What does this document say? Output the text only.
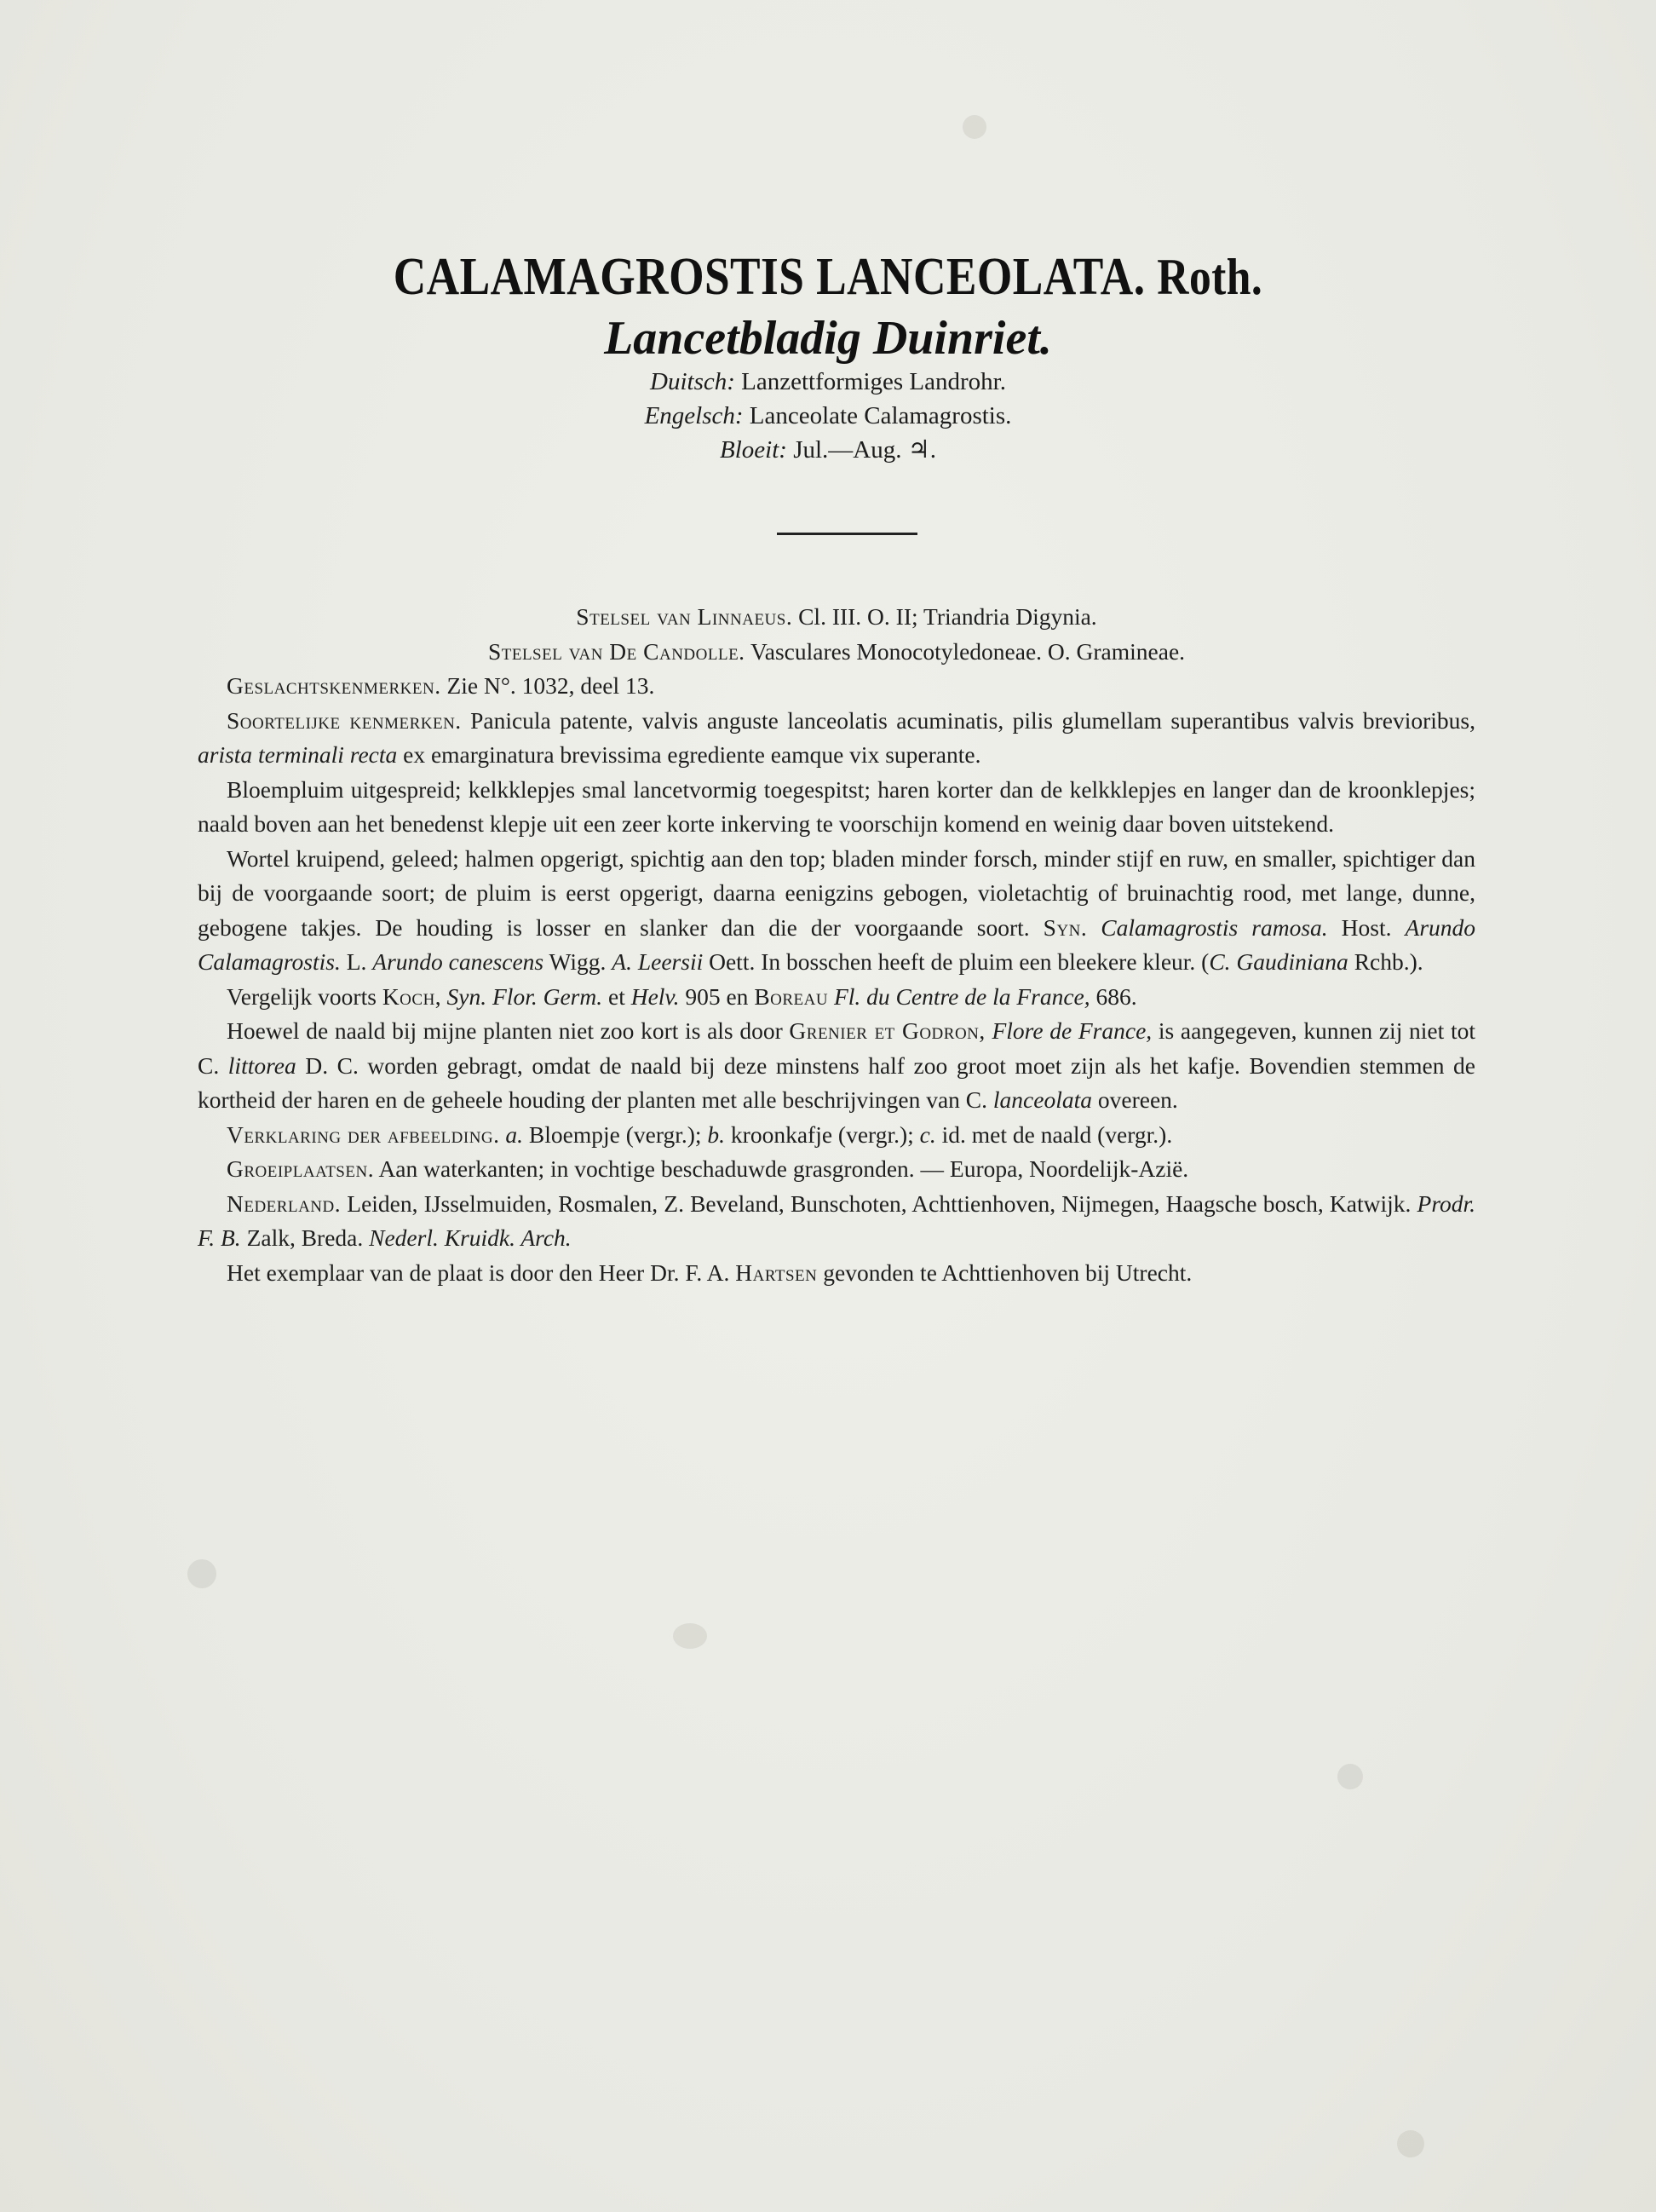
CALAMAGROSTIS LANCEOLATA. Roth.
Lancetbladig Duinriet.
Duitsch: Lanzettformiges Landrohr.
Engelsch: Lanceolate Calamagrostis.
Bloeit: Jul.—Aug. ♃.

Stelsel van Linnaeus. Cl. III. O. II; Triandria Digynia.

Stelsel van De Candolle. Vasculares Monocotyledoneae. O. Gramineae.

Geslachtskenmerken. Zie N°. 1032, deel 13.

Soortelijke kenmerken. Panicula patente, valvis anguste lanceolatis acuminatis, pilis glumellam superantibus valvis brevioribus, arista terminali recta ex emarginatura brevissima egrediente eamque vix superante.

Bloempluim uitgespreid; kelkklepjes smal lancetvormig toegespitst; haren korter dan de kelkklepjes en langer dan de kroonklepjes; naald boven aan het benedenst klepje uit een zeer korte inkerving te voorschijn komend en weinig daar boven uitstekend.

Wortel kruipend, geleed; halmen opgerigt, spichtig aan den top; bladen minder forsch, minder stijf en ruw, en smaller, spichtiger dan bij de voorgaande soort; de pluim is eerst opgerigt, daarna eenigzins gebogen, violetachtig of bruinachtig rood, met lange, dunne, gebogene takjes. De houding is losser en slanker dan die der voorgaande soort. Syn. Calamagrostis ramosa. Host. Arundo Calamagrostis. L. Arundo canescens Wigg. A. Leersii Oett. In bosschen heeft de pluim een bleekere kleur. (C. Gaudiniana Rchb.).

Vergelijk voorts Koch, Syn. Flor. Germ. et Helv. 905 en Boreau Fl. du Centre de la France, 686.

Hoewel de naald bij mijne planten niet zoo kort is als door Grenier et Godron, Flore de France, is aangegeven, kunnen zij niet tot C. littorea D. C. worden gebragt, omdat de naald bij deze minstens half zoo groot moet zijn als het kafje. Bovendien stemmen de kortheid der haren en de geheele houding der planten met alle beschrijvingen van C. lanceolata overeen.

Verklaring der afbeelding. a. Bloempje (vergr.); b. kroonkafje (vergr.); c. id. met de naald (vergr.).

Groeiplaatsen. Aan waterkanten; in vochtige beschaduwde grasgronden. — Europa, Noordelijk-Azië.

Nederland. Leiden, IJsselmuiden, Rosmalen, Z. Beveland, Bunschoten, Achttienhoven, Nijmegen, Haagsche bosch, Katwijk. Prodr. F. B. Zalk, Breda. Nederl. Kruidk. Arch.

Het exemplaar van de plaat is door den Heer Dr. F. A. Hartsen gevonden te Achttienhoven bij Utrecht.
